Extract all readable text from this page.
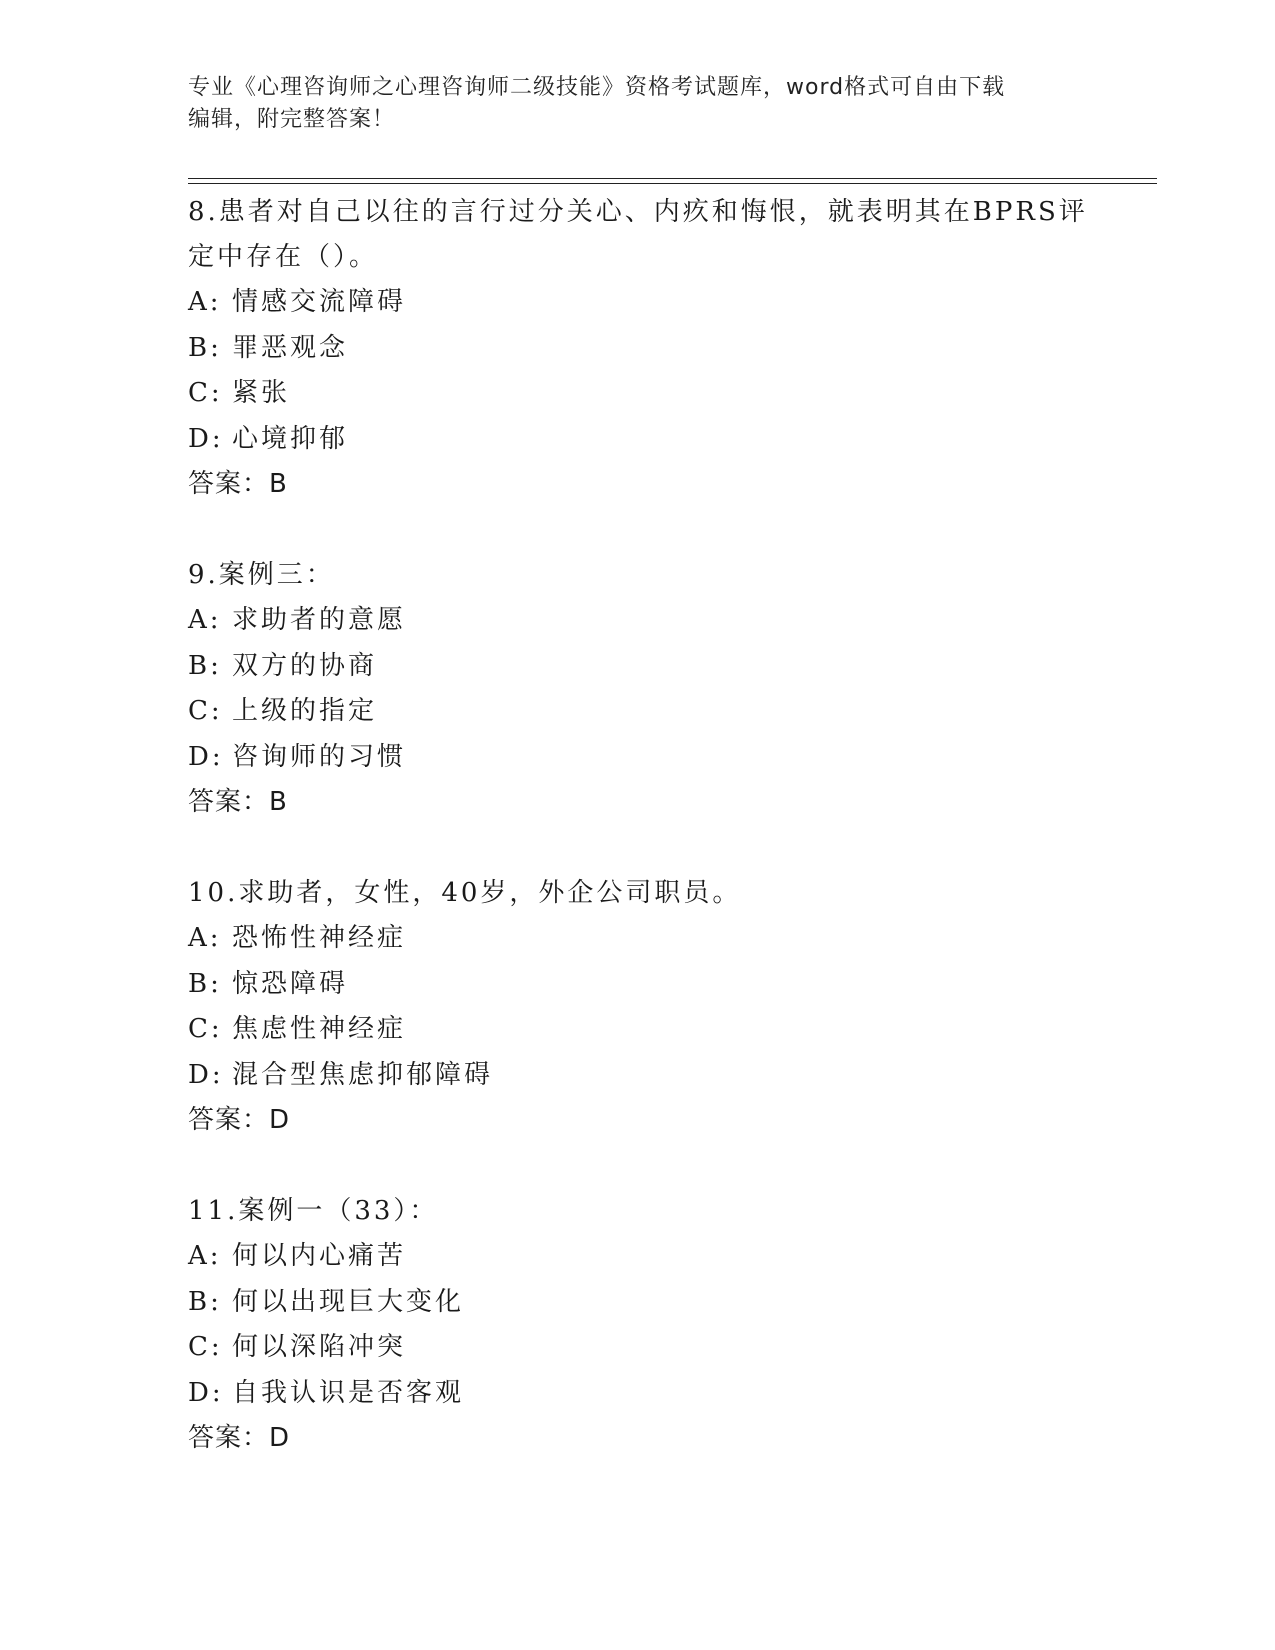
专业《心理咨询师之心理咨询师二级技能》资格考试题库，word格式可自由下载
编辑，附完整答案！
8.患者对自己以往的言行过分关心、内疚和悔恨，就表明其在BPRS评
定中存在（）。
A: 情感交流障碍
B: 罪恶观念
C: 紧张
D: 心境抑郁
答案：B
9.案例三：
A: 求助者的意愿
B: 双方的协商
C: 上级的指定
D: 咨询师的习惯
答案：B
10.求助者，女性，40岁，外企公司职员。
A: 恐怖性神经症
B: 惊恐障碍
C: 焦虑性神经症
D: 混合型焦虑抑郁障碍
答案：D
11.案例一（33）：
A: 何以内心痛苦
B: 何以出现巨大变化
C: 何以深陷冲突
D: 自我认识是否客观
答案：D
